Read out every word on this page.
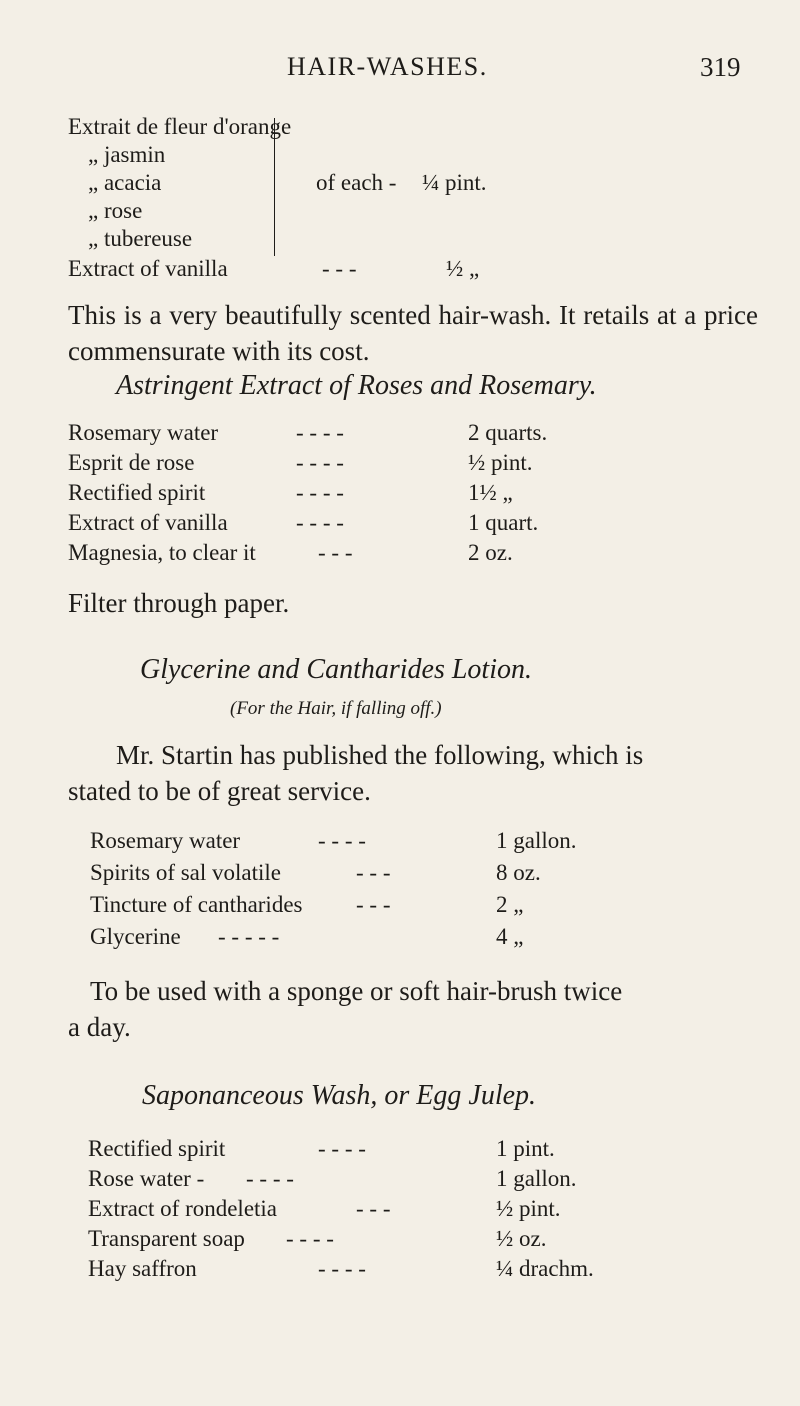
HAIR-WASHES.	319
Extrait de fleur d'orange
„ jasmin
„ acacia
„ rose
„ tubereuse
of each - ¼ pint.
Extract of vanilla	- - -	½ „
This is a very beautifully scented hair-wash. It retails at a price commensurate with its cost.
Astringent Extract of Roses and Rosemary.
Rosemary water	- - - -	2 quarts.
Esprit de rose	- - - -	½ pint.
Rectified spirit	- - - -	1½ „
Extract of vanilla	- - - -	1 quart.
Magnesia, to clear it	- - -	2 oz.
Filter through paper.
Glycerine and Cantharides Lotion.
(For the Hair, if falling off.)
Mr. Startin has published the following, which is
stated to be of great service.
Rosemary water	- - - -	1 gallon.
Spirits of sal volatile	- - -	8 oz.
Tincture of cantharides - - -	2 „
Glycerine - - - - -	4 „
To be used with a sponge or soft hair-brush twice
a day.
Saponanceous Wash, or Egg Julep.
Rectified spirit	- - - -	1 pint.
Rose water - - - - -	1 gallon.
Extract of rondeletia	- - -	½ pint.
Transparent soap - - - -	½ oz.
Hay saffron	- - - -	¼ drachm.
